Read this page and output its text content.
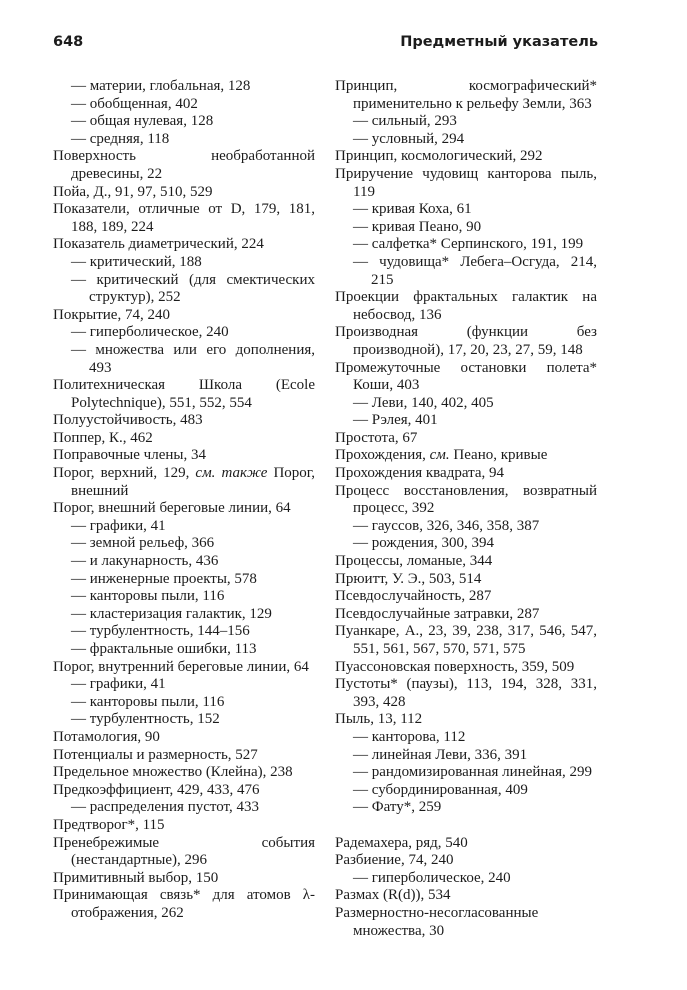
648	Предметный указатель
— материи, глобальная, 128
— обобщенная, 402
— общая нулевая, 128
— средняя, 118
Поверхность необработанной древесины, 22
Пойа, Д., 91, 97, 510, 529
Показатели, отличные от D, 179, 181, 188, 189, 224
Показатель диаметрический, 224
— критический, 188
— критический (для смектических структур), 252
Покрытие, 74, 240
— гиперболическое, 240
— множества или его дополнения, 493
Политехническая Школа (Ecole Polytechnique), 551, 552, 554
Полуустойчивость, 483
Поппер, К., 462
Поправочные члены, 34
Порог, верхний, 129, см. также Порог, внешний
Порог, внешний береговые линии, 64
— графики, 41
— земной рельеф, 366
— и лакунарность, 436
— инженерные проекты, 578
— канторовы пыли, 116
— кластеризация галактик, 129
— турбулентность, 144–156
— фрактальные ошибки, 113
Порог, внутренний береговые линии, 64
— графики, 41
— канторовы пыли, 116
— турбулентность, 152
Потамология, 90
Потенциалы и размерность, 527
Предельное множество (Клейна), 238
Предкоэффициент, 429, 433, 476
— распределения пустот, 433
Предтворог*, 115
Пренебрежимые события (нестандартные), 296
Примитивный выбор, 150
Принимающая связь* для атомов λ-отображения, 262
Принцип, космографический* применительно к рельефу Земли, 363
— сильный, 293
— условный, 294
Принцип, космологический, 292
Приручение чудовищ канторова пыль, 119
— кривая Коха, 61
— кривая Пеано, 90
— салфетка* Серпинского, 191, 199
— чудовища* Лебега–Осгуда, 214, 215
Проекции фрактальных галактик на небосвод, 136
Производная (функции без производной), 17, 20, 23, 27, 59, 148
Промежуточные остановки полета* Коши, 403
— Леви, 140, 402, 405
— Рэлея, 401
Простота, 67
Прохождения, см. Пеано, кривые
Прохождения квадрата, 94
Процесс восстановления, возвратный процесс, 392
— гауссов, 326, 346, 358, 387
— рождения, 300, 394
Процессы, ломаные, 344
Прюитт, У. Э., 503, 514
Псевдослучайность, 287
Псевдослучайные затравки, 287
Пуанкаре, А., 23, 39, 238, 317, 546, 547, 551, 561, 567, 570, 571, 575
Пуассоновская поверхность, 359, 509
Пустоты* (паузы), 113, 194, 328, 331, 393, 428
Пыль, 13, 112
— канторова, 112
— линейная Леви, 336, 391
— рандомизированная линейная, 299
— субординированная, 409
— Фату*, 259
Радемахера, ряд, 540
Разбиение, 74, 240
— гиперболическое, 240
Размах (R(d)), 534
Размерностно-несогласованные множества, 30
